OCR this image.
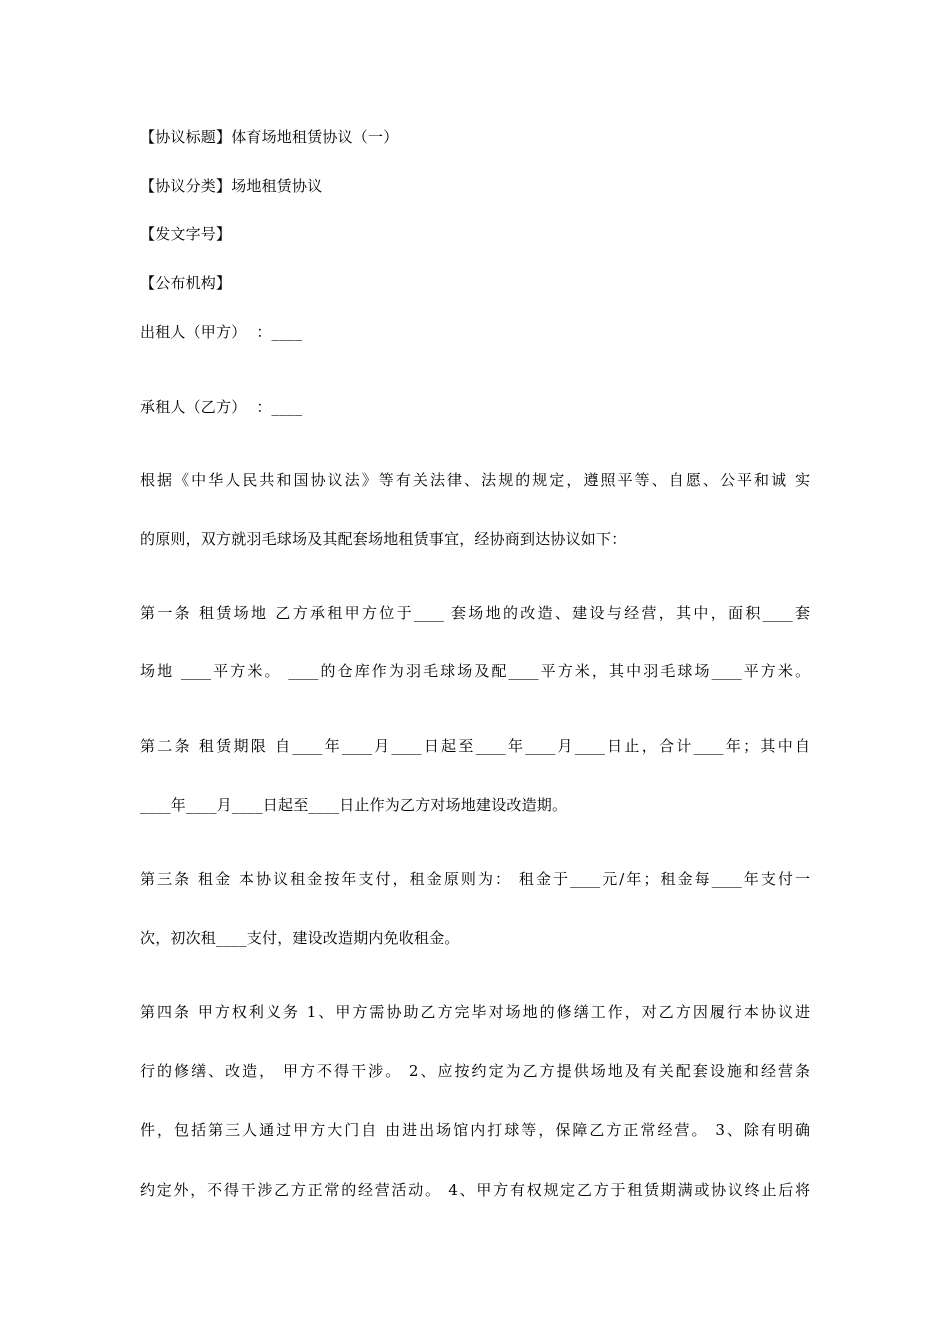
【协议标题】体育场地租赁协议（一）
【协议分类】场地租赁协议
【发文字号】
【公布机构】
出租人（甲方）  ：____
承租人（乙方）  ：____
根据《中华人民共和国协议法》等有关法律、法规的规定，遵照平等、自愿、公平和诚 实
的原则，双方就羽毛球场及其配套场地租赁事宜，经协商到达协议如下：
第一条 租赁场地 乙方承租甲方位于____ 套场地的改造、建设与经营，其中，面积____套
场地 ____平方米。 ____的仓库作为羽毛球场及配____平方米，其中羽毛球场____平方米。
第二条 租赁期限 自____年____月____日起至____年____月____日止，合计____年；其中自
____年____月____日起至____日止作为乙方对场地建设改造期。
第三条 租金 本协议租金按年支付，租金原则为： 租金于____元/年；租金每____年支付一
次，初次租____支付，建设改造期内免收租金。
第四条 甲方权利义务 1、甲方需协助乙方完毕对场地的修缮工作，对乙方因履行本协议进
行的修缮、改造， 甲方不得干涉。 2、应按约定为乙方提供场地及有关配套设施和经营条
件，包括第三人通过甲方大门自 由进出场馆内打球等，保障乙方正常经营。 3、除有明确
约定外，不得干涉乙方正常的经营活动。 4、甲方有权规定乙方于租赁期满或协议终止后将
